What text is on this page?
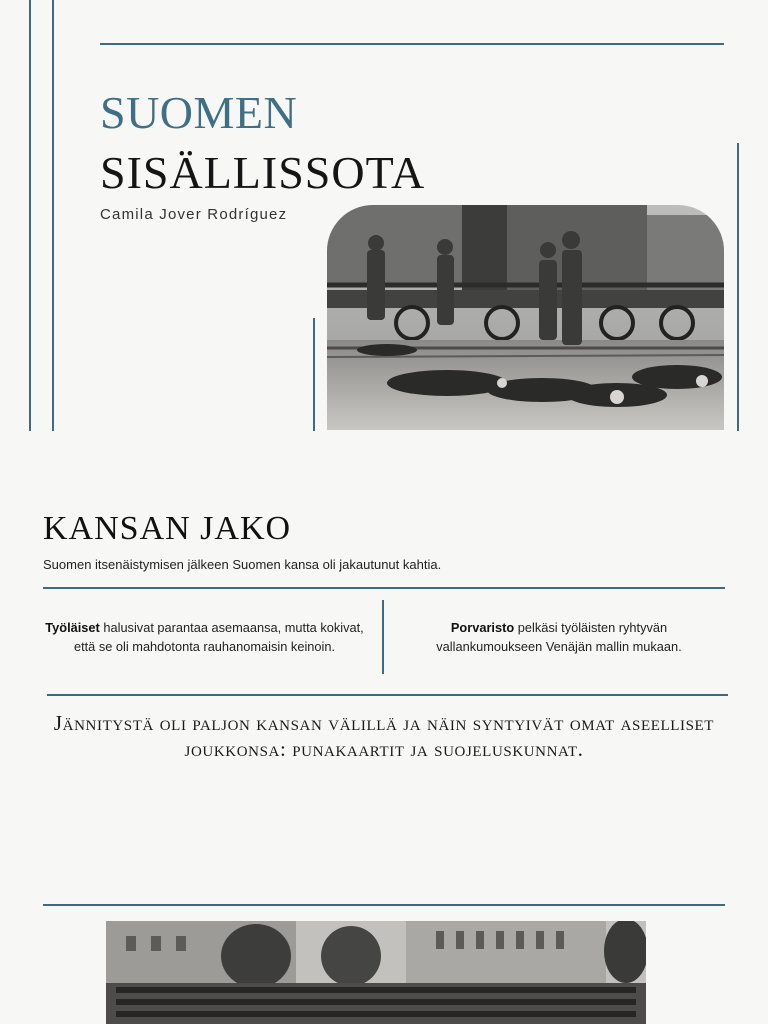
SUOMEN
SISÄLLISSOTA
Camila Jover Rodríguez
KANSAN JAKO
Suomen itsenäistymisen jälkeen Suomen kansa oli jakautunut kahtia.
Työläiset halusivat parantaa asemaansa, mutta kokivat, että se oli mahdotonta rauhanomaisin keinoin.
Porvaristo pelkäsi työläisten ryhtyvän vallankumoukseen Venäjän mallin mukaan.
Jännitystä oli paljon kansan välillä ja näin syntyivät omat aseelliset joukkonsa: punakaartit ja suojeluskunnat.
